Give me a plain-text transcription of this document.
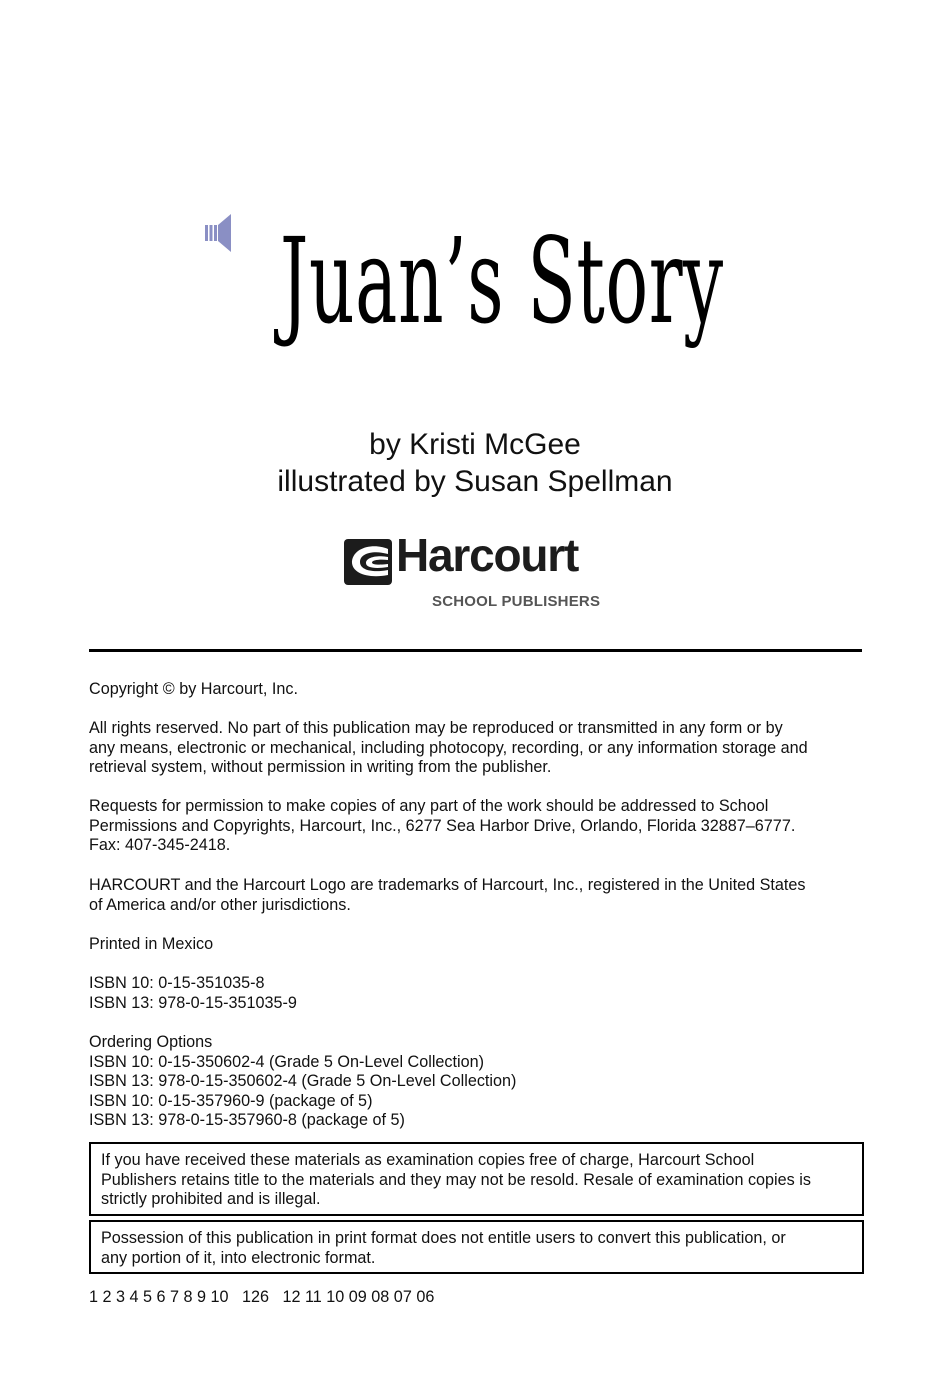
Juan’s Story
by Kristi McGee
illustrated by Susan Spellman
Harcourt
SCHOOL PUBLISHERS
Copyright © by Harcourt, Inc.
All rights reserved. No part of this publication may be reproduced or transmitted in any form or by
any means, electronic or mechanical, including photocopy, recording, or any information storage and
retrieval system, without permission in writing from the publisher.
Requests for permission to make copies of any part of the work should be addressed to School
Permissions and Copyrights, Harcourt, Inc., 6277 Sea Harbor Drive, Orlando, Florida 32887–6777.
Fax: 407-345-2418.
HARCOURT and the Harcourt Logo are trademarks of Harcourt, Inc., registered in the United States
of America and/or other jurisdictions.
Printed in Mexico
ISBN 10: 0-15-351035-8
ISBN 13: 978-0-15-351035-9
Ordering Options
ISBN 10: 0-15-350602-4 (Grade 5 On-Level Collection)
ISBN 13: 978-0-15-350602-4 (Grade 5 On-Level Collection)
ISBN 10: 0-15-357960-9 (package of 5)
ISBN 13: 978-0-15-357960-8 (package of 5)
If you have received these materials as examination copies free of charge, Harcourt School
Publishers retains title to the materials and they may not be resold. Resale of examination copies is
strictly prohibited and is illegal.
Possession of this publication in print format does not entitle users to convert this publication, or
any portion of it, into electronic format.
1 2 3 4 5 6 7 8 9 10   126   12 11 10 09 08 07 06
